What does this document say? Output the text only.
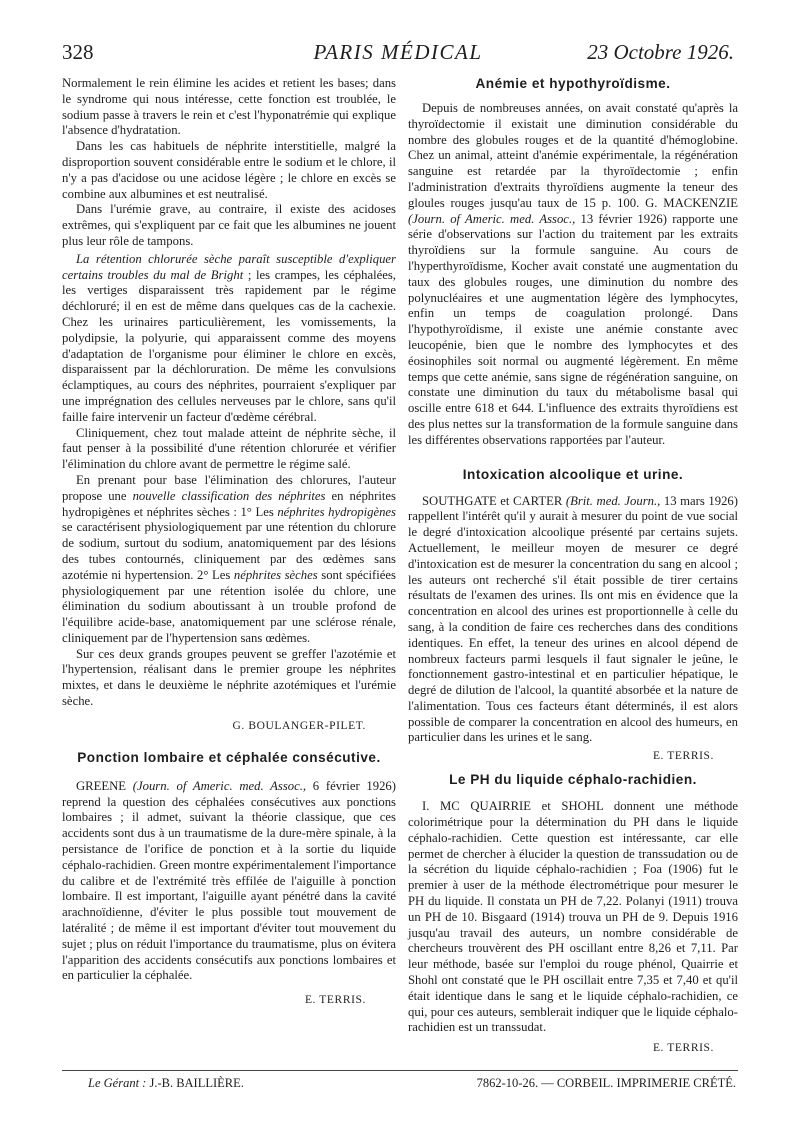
328	PARIS MÉDICAL	23 Octobre 1926.

Normalement le rein élimine les acides et retient les bases; dans le syndrome qui nous intéresse, cette fonction est troublée, le sodium passe à travers le rein et c'est l'hyponatrémie qui explique l'absence d'hydratation.

Dans les cas habituels de néphrite interstitielle, malgré la disproportion souvent considérable entre le sodium et le chlore, il n'y a pas d'acidose ou une acidose légère ; le chlore en excès se combine aux albumines et est neutralisé.

Dans l'urémie grave, au contraire, il existe des acidoses extrêmes, qui s'expliquent par ce fait que les albumines ne jouent plus leur rôle de tampons.

La rétention chlorurée sèche paraît susceptible d'expliquer certains troubles du mal de Bright ; les crampes, les céphalées, les vertiges disparaissent très rapidement par le régime déchloruré; il en est de même dans quelques cas de la cachexie. Chez les urinaires particulièrement, les vomissements, la polydipsie, la polyurie, qui apparaissent comme des moyens d'adaptation de l'organisme pour éliminer le chlore en excès, disparaissent par la déchloruration. De même les convulsions éclamptiques, au cours des néphrites, pourraient s'expliquer par une imprégnation des cellules nerveuses par le chlore, sans qu'il faille faire intervenir un facteur d'œdème cérébral.

Cliniquement, chez tout malade atteint de néphrite sèche, il faut penser à la possibilité d'une rétention chlorurée et vérifier l'élimination du chlore avant de permettre le régime salé.

En prenant pour base l'élimination des chlorures, l'auteur propose une nouvelle classification des néphrites en néphrites hydropigènes et néphrites sèches : 1° Les néphrites hydropigènes se caractérisent physiologiquement par une rétention du chlorure de sodium, surtout du sodium, anatomiquement par des lésions des tubes contournés, cliniquement par des œdèmes sans azotémie ni hypertension. 2° Les néphrites sèches sont spécifiées physiologiquement par une rétention isolée du chlore, une élimination du sodium aboutissant à un trouble profond de l'équilibre acide-base, anatomiquement par une sclérose rénale, cliniquement par de l'hypertension sans œdèmes.

Sur ces deux grands groupes peuvent se greffer l'azotémie et l'hypertension, réalisant dans le premier groupe les néphrites mixtes, et dans le deuxième le néphrite azotémiques et l'urémie sèche.

G. BOULANGER-PILET.
Ponction lombaire et céphalée consécutive.

GREENE (Journ. of Americ. med. Assoc., 6 février 1926) reprend la question des céphalées consécutives aux ponctions lombaires ; il admet, suivant la théorie classique, que ces accidents sont dus à un traumatisme de la dure-mère spinale, à la persistance de l'orifice de ponction et à la sortie du liquide céphalo-rachidien. Green montre expérimentalement l'importance du calibre et de l'extrémité très effilée de l'aiguille à ponction lombaire. Il est important, l'aiguille ayant pénétré dans la cavité arachnoïdienne, d'éviter le plus possible tout mouvement de latéralité ; de même il est important d'éviter tout mouvement du sujet ; plus on réduit l'importance du traumatisme, plus on évitera l'apparition des accidents consécutifs aux ponctions lombaires et en particulier la céphalée.

E. TERRIS.
Anémie et hypothyroïdisme.

Depuis de nombreuses années, on avait constaté qu'après la thyroïdectomie il existait une diminution considérable du nombre des globules rouges et de la quantité d'hémoglobine. Chez un animal, atteint d'anémie expérimentale, la régénération sanguine est retardée par la thyroïdectomie ; enfin l'administration d'extraits thyroïdiens augmente la teneur des gloules rouges jusqu'au taux de 15 p. 100. G. MACKENZIE (Journ. of Americ. med. Assoc., 13 février 1926) rapporte une série d'observations sur l'action du traitement par les extraits thyroïdiens sur la formule sanguine. Au cours de l'hyperthyroïdisme, Kocher avait constaté une augmentation du taux des globules rouges, une diminution du nombre des polynucléaires et une augmentation légère des lymphocytes, enfin un temps de coagulation prolongé. Dans l'hypothyroïdisme, il existe une anémie constante avec leucopénie, bien que le nombre des lymphocytes et des éosinophiles soit normal ou augmenté légèrement. En même temps que cette anémie, sans signe de régénération sanguine, on constate une diminution du taux du métabolisme basal qui oscille entre 618 et 644. L'influence des extraits thyroïdiens est des plus nettes sur la transformation de la formule sanguine dans les différentes observations rapportées par l'auteur.

Intoxication alcoolique et urine.

SOUTHGATE et CARTER (Brit. med. Journ., 13 mars 1926) rappellent l'intérêt qu'il y aurait à mesurer du point de vue social le degré d'intoxication alcoolique présenté par certains sujets. Actuellement, le meilleur moyen de mesurer ce degré d'intoxication est de mesurer la concentration du sang en alcool ; les auteurs ont recherché s'il était possible de tirer certains résultats de l'examen des urines. Ils ont mis en évidence que la concentration en alcool des urines est proportionnelle à celle du sang, à la condition de faire ces recherches dans des conditions identiques. En effet, la teneur des urines en alcool dépend de nombreux facteurs parmi lesquels il faut signaler le jeûne, le fonctionnement gastro-intestinal et en particulier hépatique, le degré de dilution de l'alcool, la quantité absorbée et la nature de l'alimentation. Tous ces facteurs étant déterminés, il est alors possible de comparer la concentration en alcool des humeurs, en particulier dans les urines et le sang.

E. TERRIS.
Le PH du liquide céphalo-rachidien.

I. MC QUAIRRIE et SHOHL donnent une méthode colorimétrique pour la détermination du PH dans le liquide céphalo-rachidien. Cette question est intéressante, car elle permet de chercher à élucider la question de transsudation ou de la sécrétion du liquide céphalo-rachidien ; Foa (1906) fut le premier à user de la méthode électrométrique pour mesurer le PH du liquide. Il constata un PH de 7,22. Polanyi (1911) trouva un PH de 10. Bisgaard (1914) trouva un PH de 9. Depuis 1916 jusqu'au travail des auteurs, un nombre considérable de chercheurs trouvèrent des PH oscillant entre 8,26 et 7,11. Par leur méthode, basée sur l'emploi du rouge phénol, Quairrie et Shohl ont constaté que le PH oscillait entre 7,35 et 7,40 et qu'il était identique dans le sang et le liquide céphalo-rachidien, ce qui, pour ces auteurs, semblerait indiquer que le liquide céphalo-rachidien est un transsudat.

E. TERRIS.
Le Gérant : J.-B. BAILLIÈRE.	7862-10-26. — CORBEIL. IMPRIMERIE CRÉTÉ.
